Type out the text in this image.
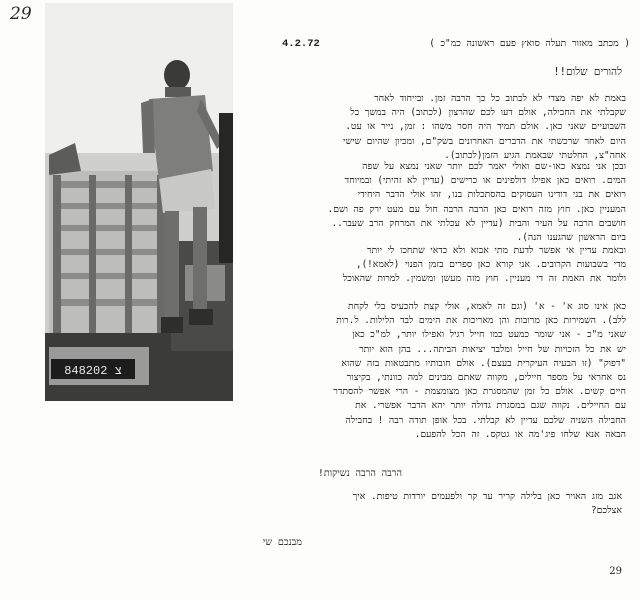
29
848202 צ
4.2.72	( מכתב מאזור תעלה סואץ פעם ראשונה כמ"כ )
להורים שלום!!
באמת לא יפה מצדי לא לכתוב כל כך הרבה זמן. ובייחוד לאחר
שקבלתי את החבילה, אולם דעו לכם שהרצון (לכתוב) היה במשך כל
השבועיים שאני כאן. אולם תמיד היה חסר משהו : זמן, נייר או עט.
היום לאחר שרכשתי את הדברים האחרונים בשק"ם, ומכיון שהיום שישי
אחה"צ, החלטתי שבאמת הגיע הזמן(לכתוב).
ובכן אני נמצא כאו-שם ואולי יאמר לכם יותר שאני נמצא על שפה
המים. רואים כאן אפילו דולפינים או כרישים (עדיין לא זהיתי) ובמיוחד
רואים את בני דודינו העסוקים בהסתכלות בנו, זהו אולי הדבר היחידי
המעניין כאן. חוץ מזה רואים כאן הרבה הרבה חול עם מעט ירק פה ושם.
חושבים הרבה על העיר והבית (עדיין לא עכלתי את המרחק הרב שעבר..
ביום הראשון שהגענו הנה).
ובאמת עדיין אי אפשר לדעת מתי אבוא ולא כדאי שתחכו לי יותר
מדי בשבועות הקרובים. אני קורא כאן ספרים בזמן הפנוי (לאמא!),
ולומר את האמת זה די מעניין. חוץ מזה מעשן ומשמין. למרות שהאוכל
כאן אינו סוג א' - א' (וגם זה לאמא, אולי קצת להכעיס בלי לקחת
ללב). השמירות כאן מרובות והן מאריכות את הימים לבד הלילות. ל.רות
שאני מ"כ - אני שומר כמעט כמו חייל רגיל ואפילו יותר, למ"כ כאן
יש את כל הזכויות של חייל ומלבד יציאות הביתה... בהן הוא יותר
"דפוק" (זו הבעיה העיקרית בעצם). אולם חובותיו מתבטאות בזה שהוא
נס אחראי על מספר חיילים, מקווה שאתם מבינים למה כוונתי, בקיצור
חיים קשים. אולם כל זמן שהמסגרת כאן מצומצמת - הרי אפשר להסתדר
עם החיילים. נקווה שגם במסגרת גדולה יותר יהא הדבר אפשרי. את
החבילה השניה שלכם עדיין לא קבלתי. בכל אופן תודה רבה ! בחבילה
הבאה אנא שלחו פיג'מה או גטקס. זה הכל להפעם.
הרבה הרבה נשיקות!
אגב מזג האויר כאן בלילה קריר עד קר ולפעמים יורדות טיפות. איך
אצלכם?
מבנכם שי
29
